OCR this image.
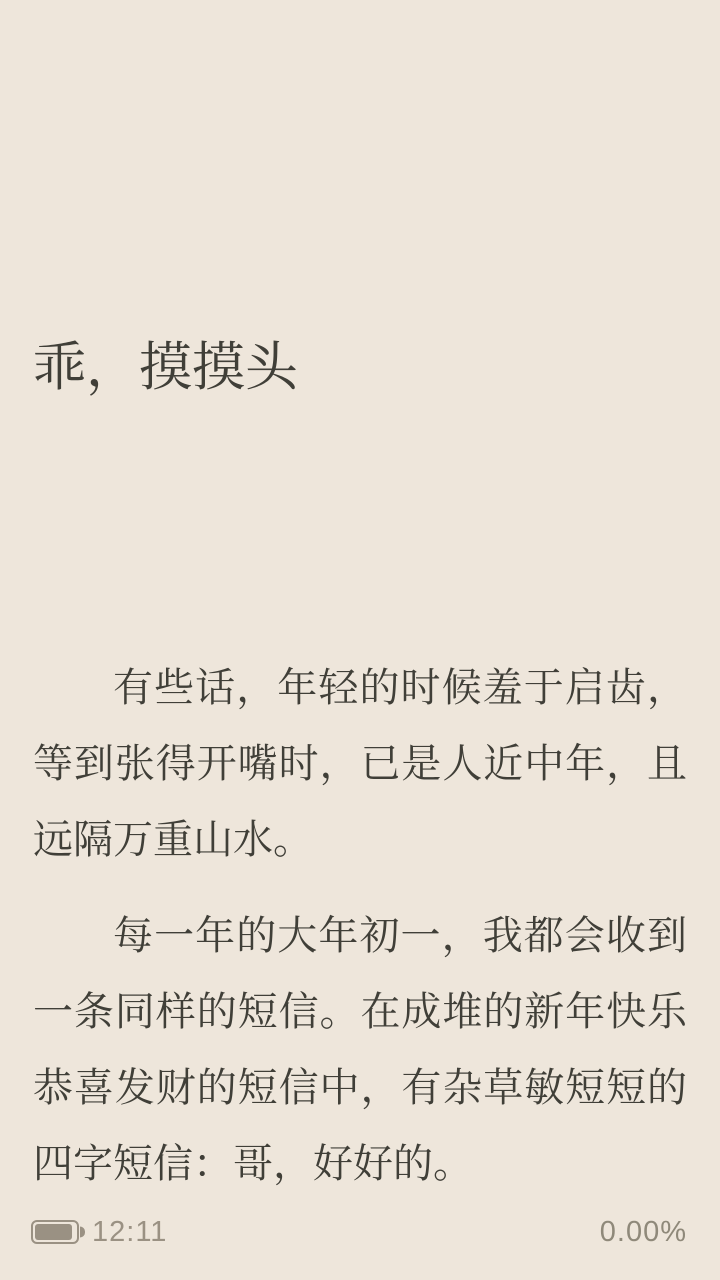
乖，摸摸头

有些话，年轻的时候羞于启齿，等到张得开嘴时，已是人近中年，且远隔万重山水。

每一年的大年初一，我都会收到一条同样的短信。在成堆的新年快乐恭喜发财的短信中，有杂草敏短短的四字短信：哥，好好的。

12:11	0.00%
